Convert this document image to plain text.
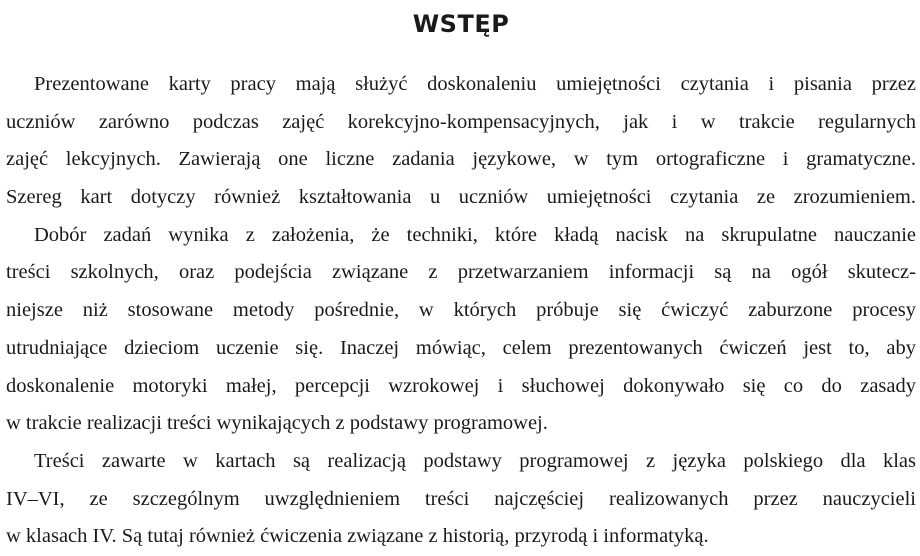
WSTĘP
Prezentowane karty pracy mają służyć doskonaleniu umiejętności czytania i pisania przez
uczniów zarówno podczas zajęć korekcyjno-kompensacyjnych, jak i w trakcie regularnych
zajęć lekcyjnych. Zawierają one liczne zadania językowe, w tym ortograficzne i gramatyczne.
Szereg kart dotyczy również kształtowania u uczniów umiejętności czytania ze zrozumieniem.
Dobór zadań wynika z założenia, że techniki, które kładą nacisk na skrupulatne nauczanie
treści szkolnych, oraz podejścia związane z przetwarzaniem informacji są na ogół skutecz-
niejsze niż stosowane metody pośrednie, w których próbuje się ćwiczyć zaburzone procesy
utrudniające dzieciom uczenie się. Inaczej mówiąc, celem prezentowanych ćwiczeń jest to, aby
doskonalenie motoryki małej, percepcji wzrokowej i słuchowej dokonywało się co do zasady
w trakcie realizacji treści wynikających z podstawy programowej.
Treści zawarte w kartach są realizacją podstawy programowej z języka polskiego dla klas
IV–VI, ze szczególnym uwzględnieniem treści najczęściej realizowanych przez nauczycieli
w klasach IV. Są tutaj również ćwiczenia związane z historią, przyrodą i informatyką.
